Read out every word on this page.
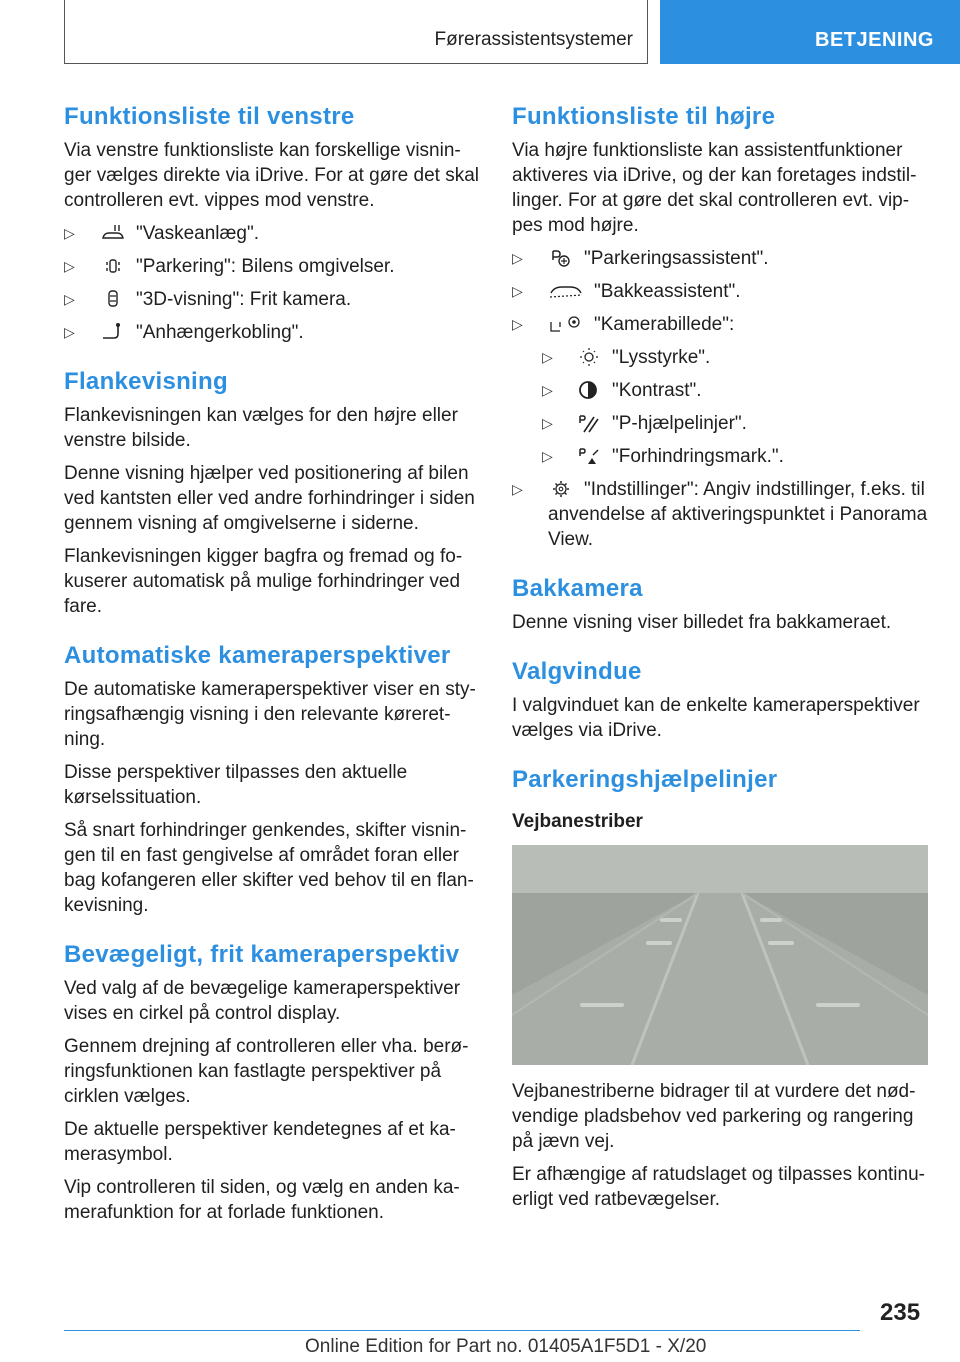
Førerassistentsystemer	BETJENING
Funktionsliste til venstre

Via venstre funktionsliste kan forskellige visninger vælges direkte via iDrive. For at gøre det skal controlleren evt. vippes mod venstre.

▷	"Vaskeanlæg".
▷	"Parkering": Bilens omgivelser.
▷	"3D-visning": Frit kamera.
▷	"Anhængerkobling".
Flankevisning

Flankevisningen kan vælges for den højre eller venstre bilside.

Denne visning hjælper ved positionering af bilen ved kantsten eller ved andre forhindringer i siden gennem visning af omgivelserne i siderne.

Flankevisningen kigger bagfra og fremad og fokuserer automatisk på mulige forhindringer ved fare.

Automatiske kameraperspektiver

De automatiske kameraperspektiver viser en styringsafhængig visning i den relevante køreretning.

Disse perspektiver tilpasses den aktuelle kørselssituation.

Så snart forhindringer genkendes, skifter visningen til en fast gengivelse af området foran eller bag kofangeren eller skifter ved behov til en flankevisning.

Bevægeligt, frit kameraperspektiv

Ved valg af de bevægelige kameraperspektiver vises en cirkel på control display.

Gennem drejning af controlleren eller vha. berøringsfunktionen kan fastlagte perspektiver på cirklen vælges.

De aktuelle perspektiver kendetegnes af et kamerasymbol.

Vip controlleren til siden, og vælg en anden kamerafunktion for at forlade funktionen.

Funktionsliste til højre

Via højre funktionsliste kan assistentfunktioner aktiveres via iDrive, og der kan foretages indstillinger. For at gøre det skal controlleren evt. vippes mod højre.

▷	"Parkeringsassistent".
▷	"Bakkeassistent".
▷	"Kamerabillede":
▷	"Lysstyrke".
▷	"Kontrast".
▷	"P-hjælpelinjer".
▷	"Forhindringsmark.".
▷	"Indstillinger": Angiv indstillinger, f.eks. til anvendelse af aktiveringspunktet i Panorama View.
Bakkamera

Denne visning viser billedet fra bakkameraet.

Valgvindue

I valgvinduet kan de enkelte kameraperspektiver vælges via iDrive.

Parkeringshjælpelinjer
Vejbanestriber

Vejbanestriberne bidrager til at vurdere det nødvendige pladsbehov ved parkering og rangering på jævn vej.

Er afhængige af ratudslaget og tilpasses kontinuerligt ved ratbevægelser.

235
Online Edition for Part no. 01405A1F5D1 - X/20
